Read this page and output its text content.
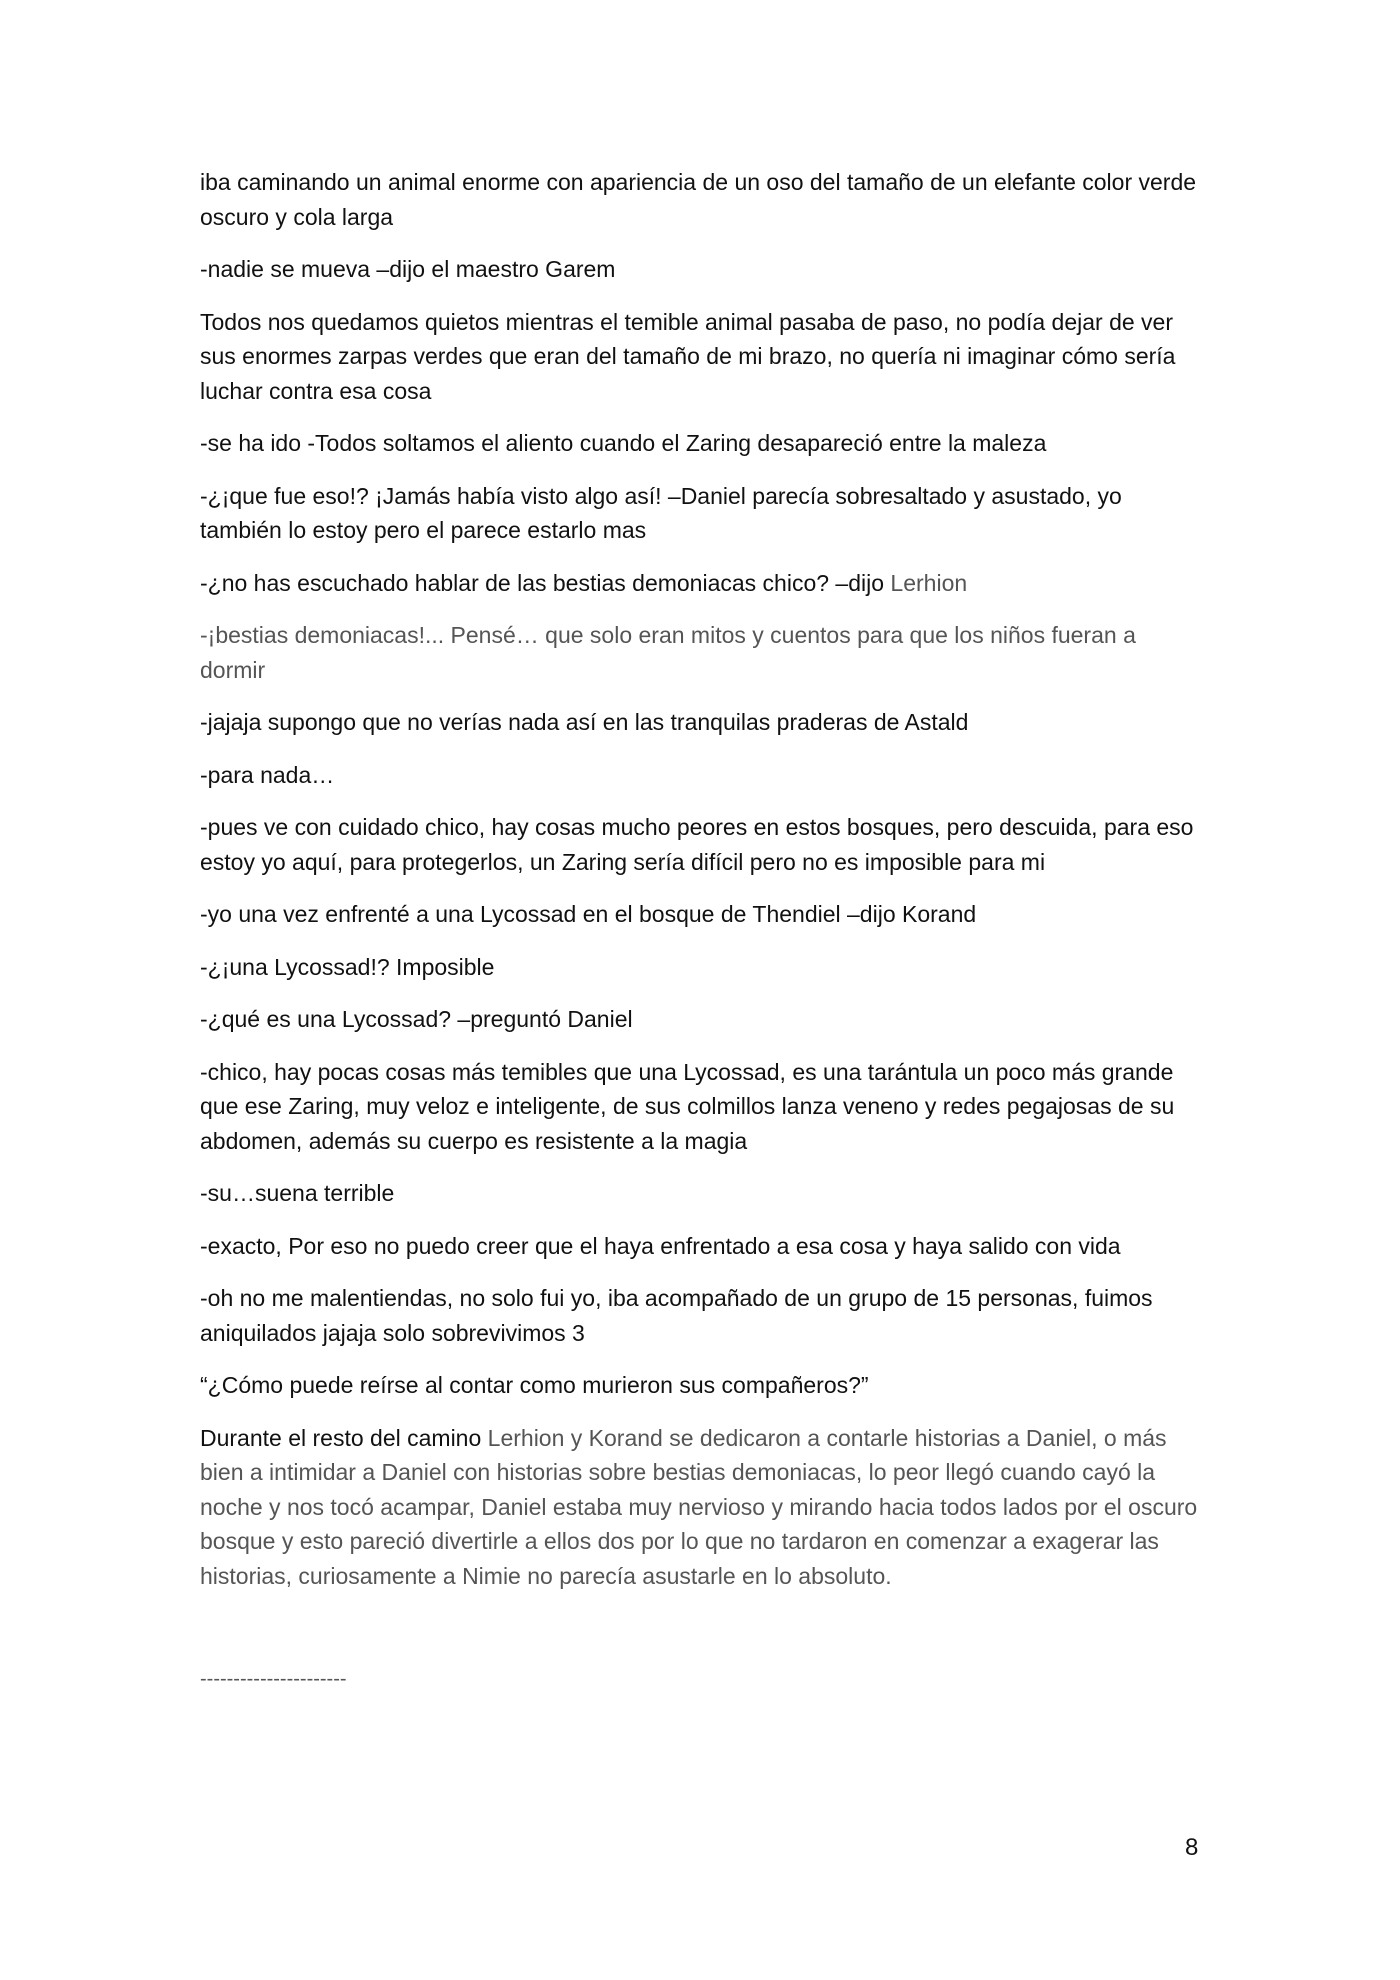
iba caminando un animal enorme con apariencia de un oso del tamaño de un elefante color verde oscuro y cola larga

-nadie se mueva –dijo el maestro Garem

Todos nos quedamos quietos mientras el temible animal pasaba de paso, no podía dejar de ver sus enormes zarpas verdes que eran del tamaño de mi brazo, no quería ni imaginar cómo sería luchar contra esa cosa

-se ha ido -Todos soltamos el aliento cuando el Zaring desapareció entre la maleza

-¿¡que fue eso!? ¡Jamás había visto algo así! –Daniel parecía sobresaltado y asustado, yo también lo estoy pero el parece estarlo mas

-¿no has escuchado hablar de las bestias demoniacas chico? –dijo Lerhion

-¡bestias demoniacas!... Pensé… que solo eran mitos y cuentos para que los niños fueran a dormir

-jajaja supongo que no verías nada así en las tranquilas praderas de Astald

-para nada…

-pues ve con cuidado chico, hay cosas mucho peores en estos bosques, pero descuida, para eso estoy yo aquí, para protegerlos, un Zaring sería difícil pero no es imposible para mi

-yo una vez enfrenté a una Lycossad en el bosque de Thendiel –dijo Korand

-¿¡una Lycossad!? Imposible

-¿qué es una Lycossad? –preguntó Daniel

-chico, hay pocas cosas más temibles que una Lycossad, es una tarántula un poco más grande que ese Zaring, muy veloz e inteligente, de sus colmillos lanza veneno y redes pegajosas de su abdomen, además su cuerpo es resistente a la magia

-su…suena terrible

-exacto, Por eso no puedo creer que el haya enfrentado a esa cosa y haya salido con vida

-oh no me malentiendas, no solo fui yo, iba acompañado de un grupo de 15 personas, fuimos aniquilados jajaja solo sobrevivimos 3

“¿Cómo puede reírse al contar como murieron sus compañeros?”

Durante el resto del camino Lerhion y Korand se dedicaron a contarle historias a Daniel, o más bien a intimidar a Daniel con historias sobre bestias demoniacas, lo peor llegó cuando cayó la noche y nos tocó acampar, Daniel estaba muy nervioso y mirando hacia todos lados por el oscuro bosque y esto pareció divertirle a ellos dos por lo que no tardaron en comenzar a exagerar las historias, curiosamente a Nimie no parecía asustarle en lo absoluto.

----------------------
8
